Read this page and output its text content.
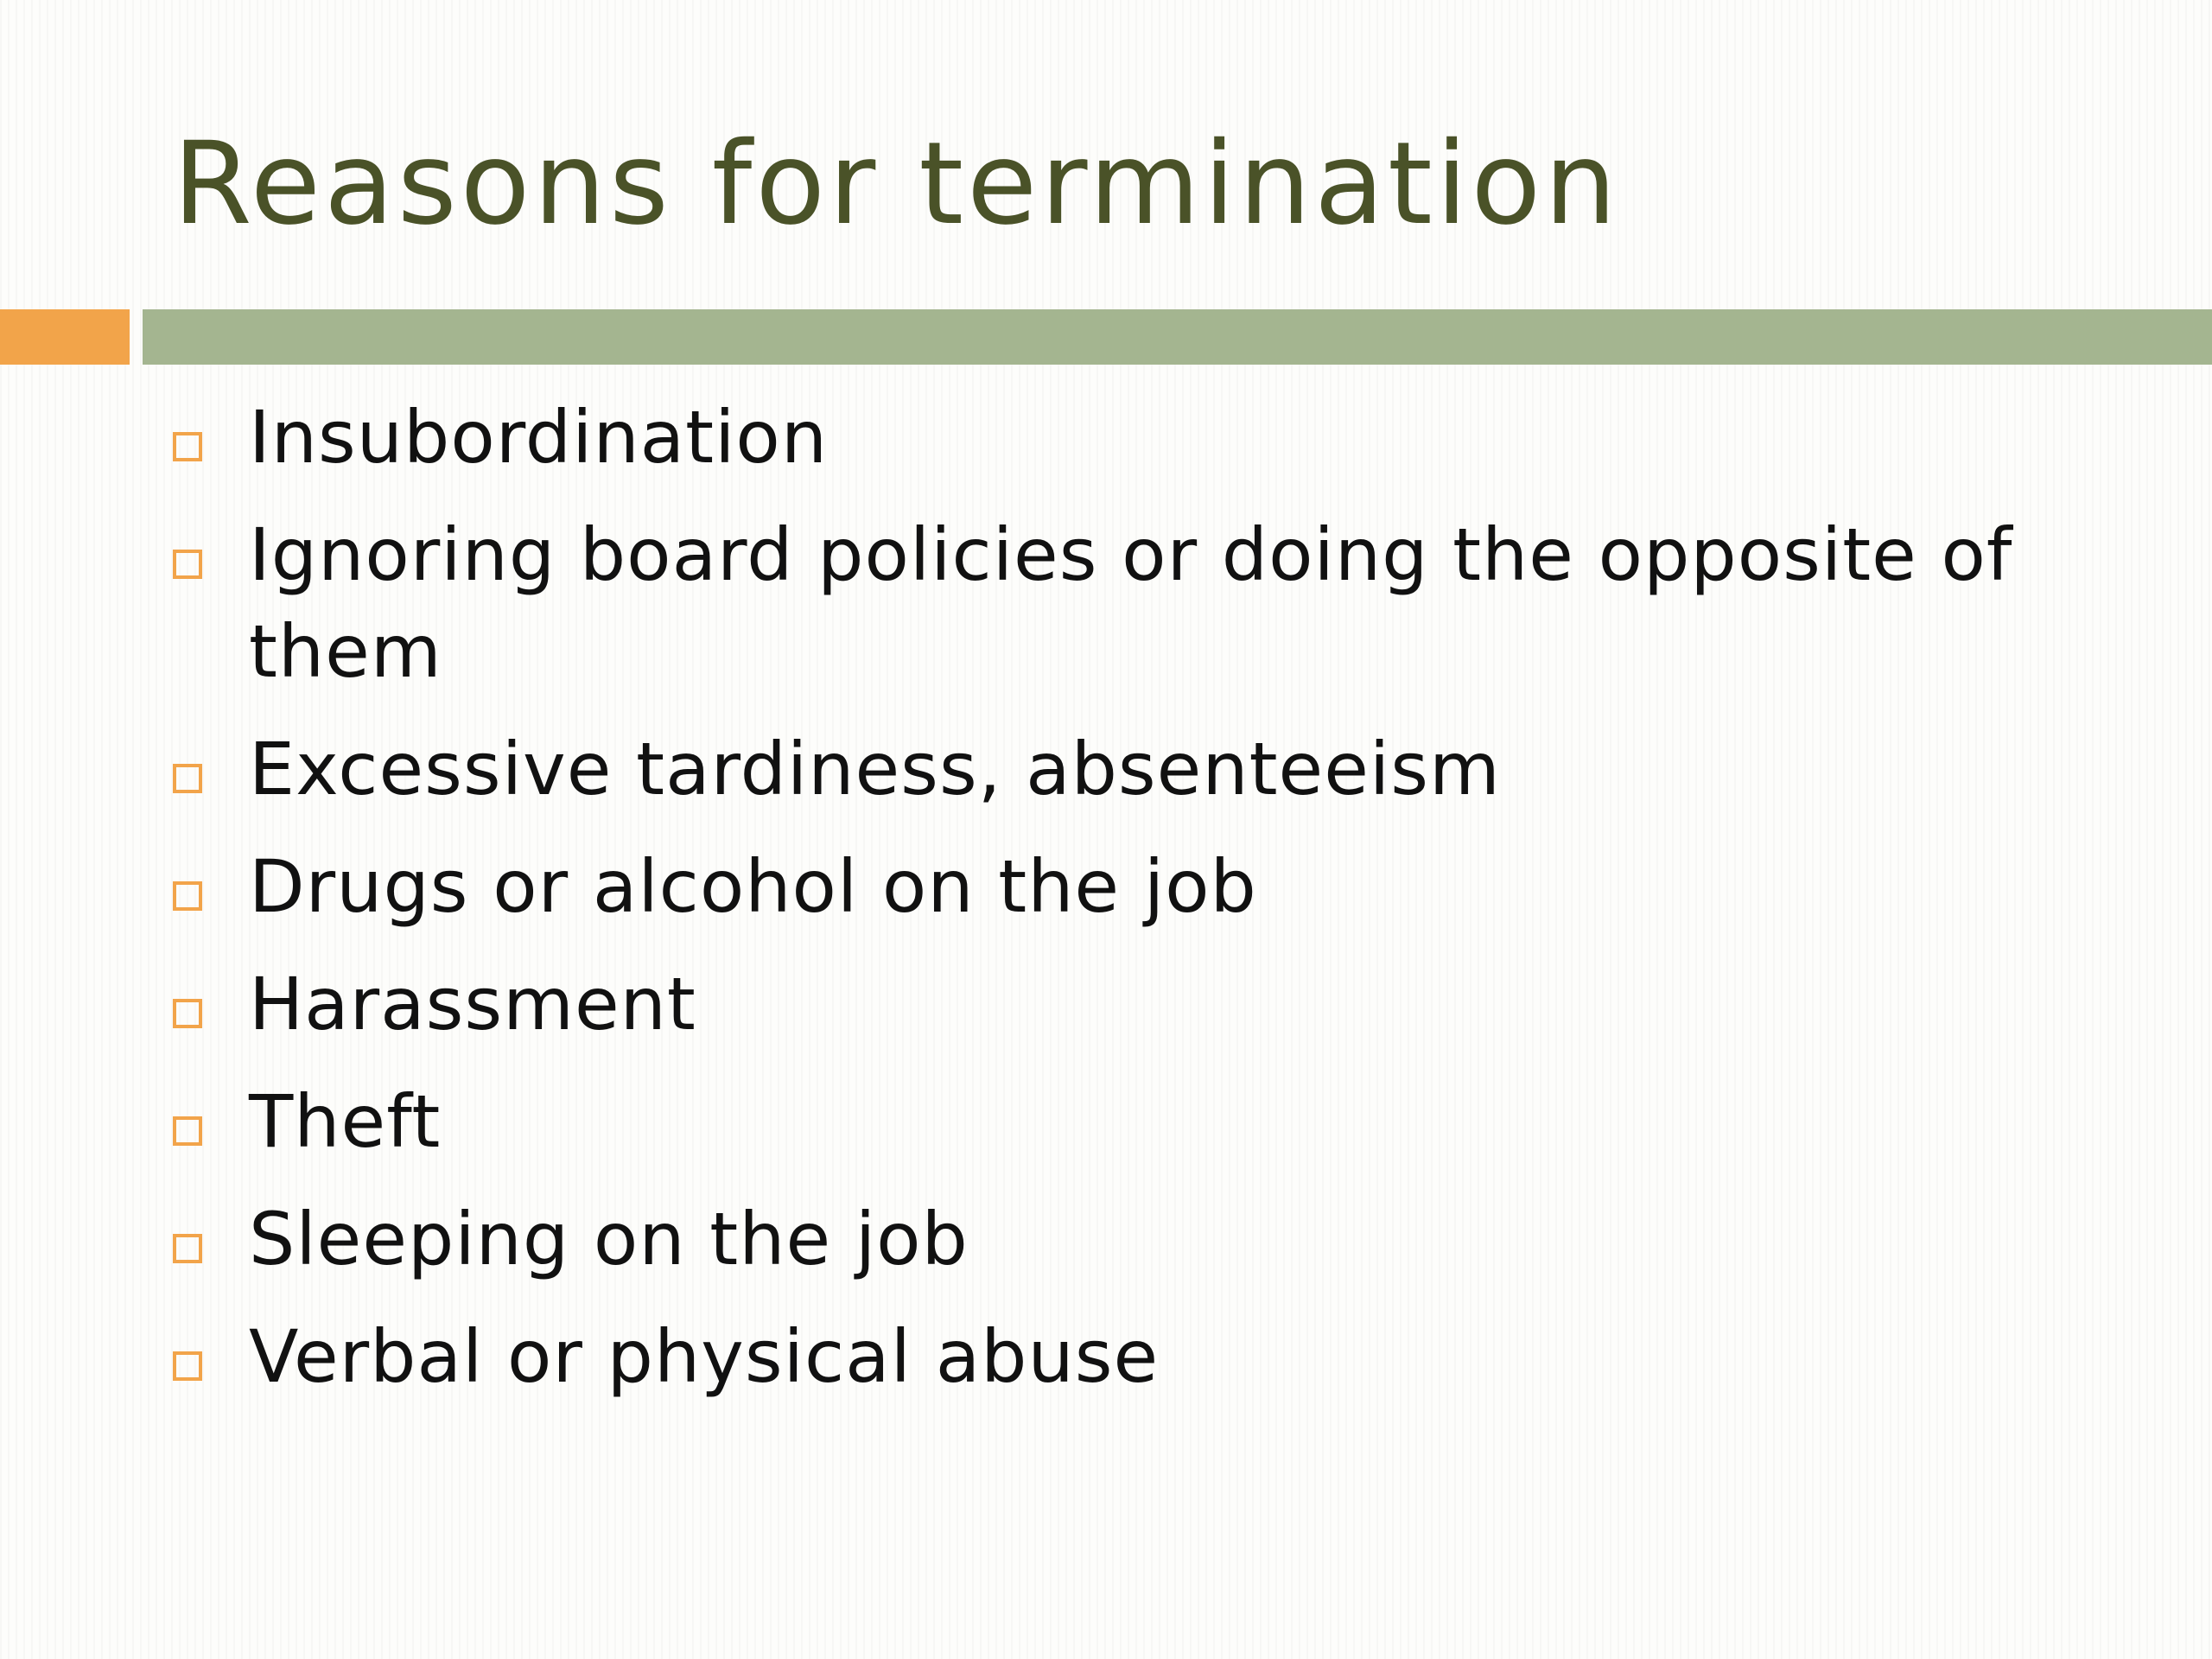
Reasons for termination
Insubordination
Ignoring board policies or doing the opposite of them
Excessive tardiness, absenteeism
Drugs or alcohol on the job
Harassment
Theft
Sleeping on the job
Verbal or physical abuse
